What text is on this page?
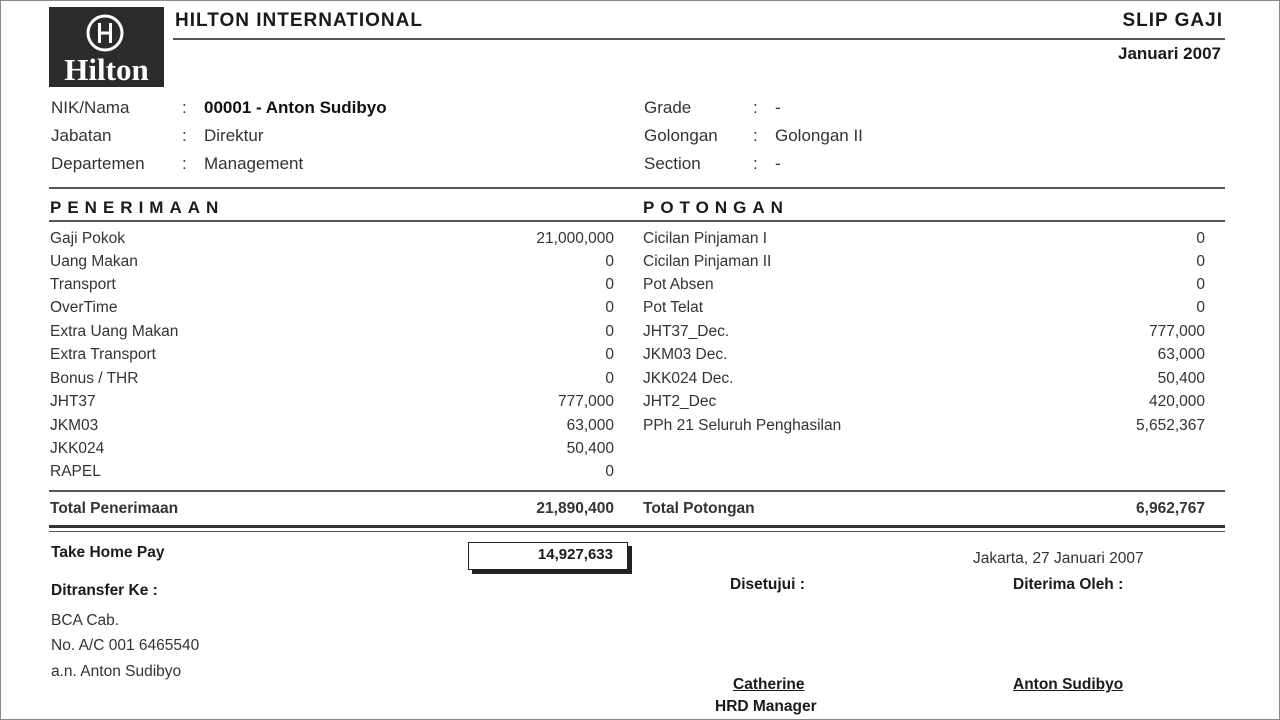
Hilton
HILTON INTERNATIONAL	SLIP GAJI
Januari 2007
NIK/Nama	: 00001 - Anton Sudibyo
Jabatan	: Direktur
Departemen : Management
Grade	: -
Golongan : Golongan II
Section	: -
PENERIMAAN	POTONGAN
Gaji Pokok	21,000,000
Uang Makan	0
Transport	0
OverTime	0
Extra Uang Makan	0
Extra Transport	0
Bonus / THR	0
JHT37	777,000
JKM03	63,000
JKK024	50,400
RAPEL	0
Cicilan Pinjaman I	0
Cicilan Pinjaman II	0
Pot Absen	0
Pot Telat	0
JHT37_Dec.	777,000
JKM03 Dec.	63,000
JKK024 Dec.	50,400
JHT2_Dec	420,000
PPh 21 Seluruh Penghasilan	5,652,367
Total Penerimaan	21,890,400 Total Potongan	6,962,767
Take Home Pay	14,927,633
Ditransfer Ke :
BCA Cab.
No. A/C 001 6465540
a.n. Anton Sudibyo
Jakarta, 27 Januari 2007
Disetujui :	Diterima Oleh :
Catherine
HRD Manager
Anton Sudibyo
